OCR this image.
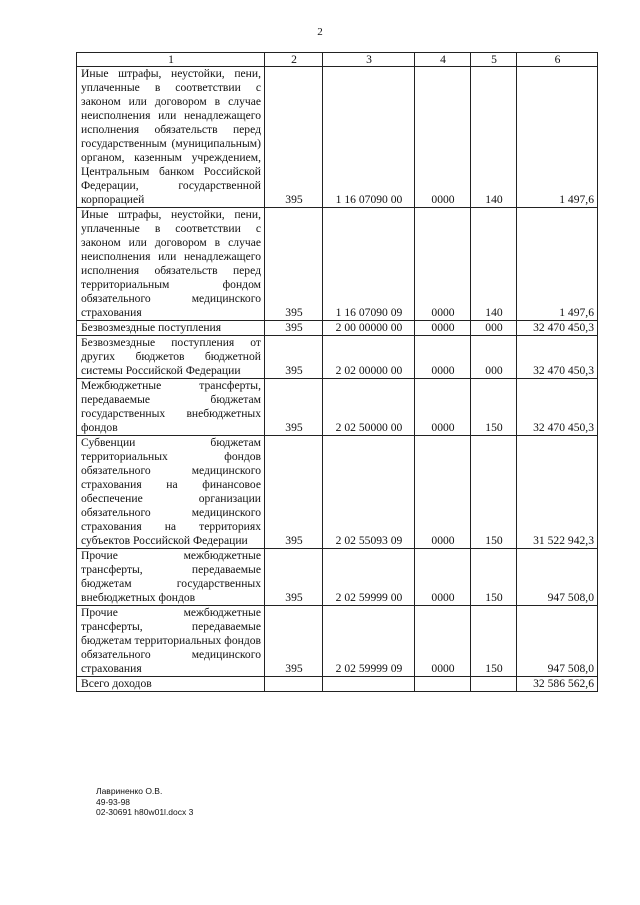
2
1	2	3	4	5	6
Иные штрафы, неустойки, пени, уплаченные в соответствии с законом или договором в случае неисполнения или ненадлежащего исполнения обязательств перед государственным (муниципальным) органом, казенным учреждением, Центральным банком Российской Федерации, государственной корпорацией	395	1 16 07090 00	0000	140	1 497,6
Иные штрафы, неустойки, пени, уплаченные в соответствии с законом или договором в случае неисполнения или ненадлежащего исполнения обязательств перед территориальным фондом обязательного медицинского страхования	395	1 16 07090 09	0000	140	1 497,6
Безвозмездные поступления	395	2 00 00000 00	0000	000	32 470 450,3
Безвозмездные поступления от других бюджетов бюджетной системы Российской Федерации	395	2 02 00000 00	0000	000	32 470 450,3
Межбюджетные трансферты, передаваемые бюджетам государственных внебюджетных фондов	395	2 02 50000 00	0000	150	32 470 450,3
Субвенции бюджетам территориальных фондов обязательного медицинского страхования на финансовое обеспечение организации обязательного медицинского страхования на территориях субъектов Российской Федерации	395	2 02 55093 09	0000	150	31 522 942,3
Прочие межбюджетные трансферты, передаваемые бюджетам государственных внебюджетных фондов	395	2 02 59999 00	0000	150	947 508,0
Прочие межбюджетные трансферты, передаваемые бюджетам территориальных фондов обязательного медицинского страхования	395	2 02 59999 09	0000	150	947 508,0
Всего доходов					32 586 562,6
Лавриненко О.В.
49-93-98
02-30691 h80w01l.docx 3
